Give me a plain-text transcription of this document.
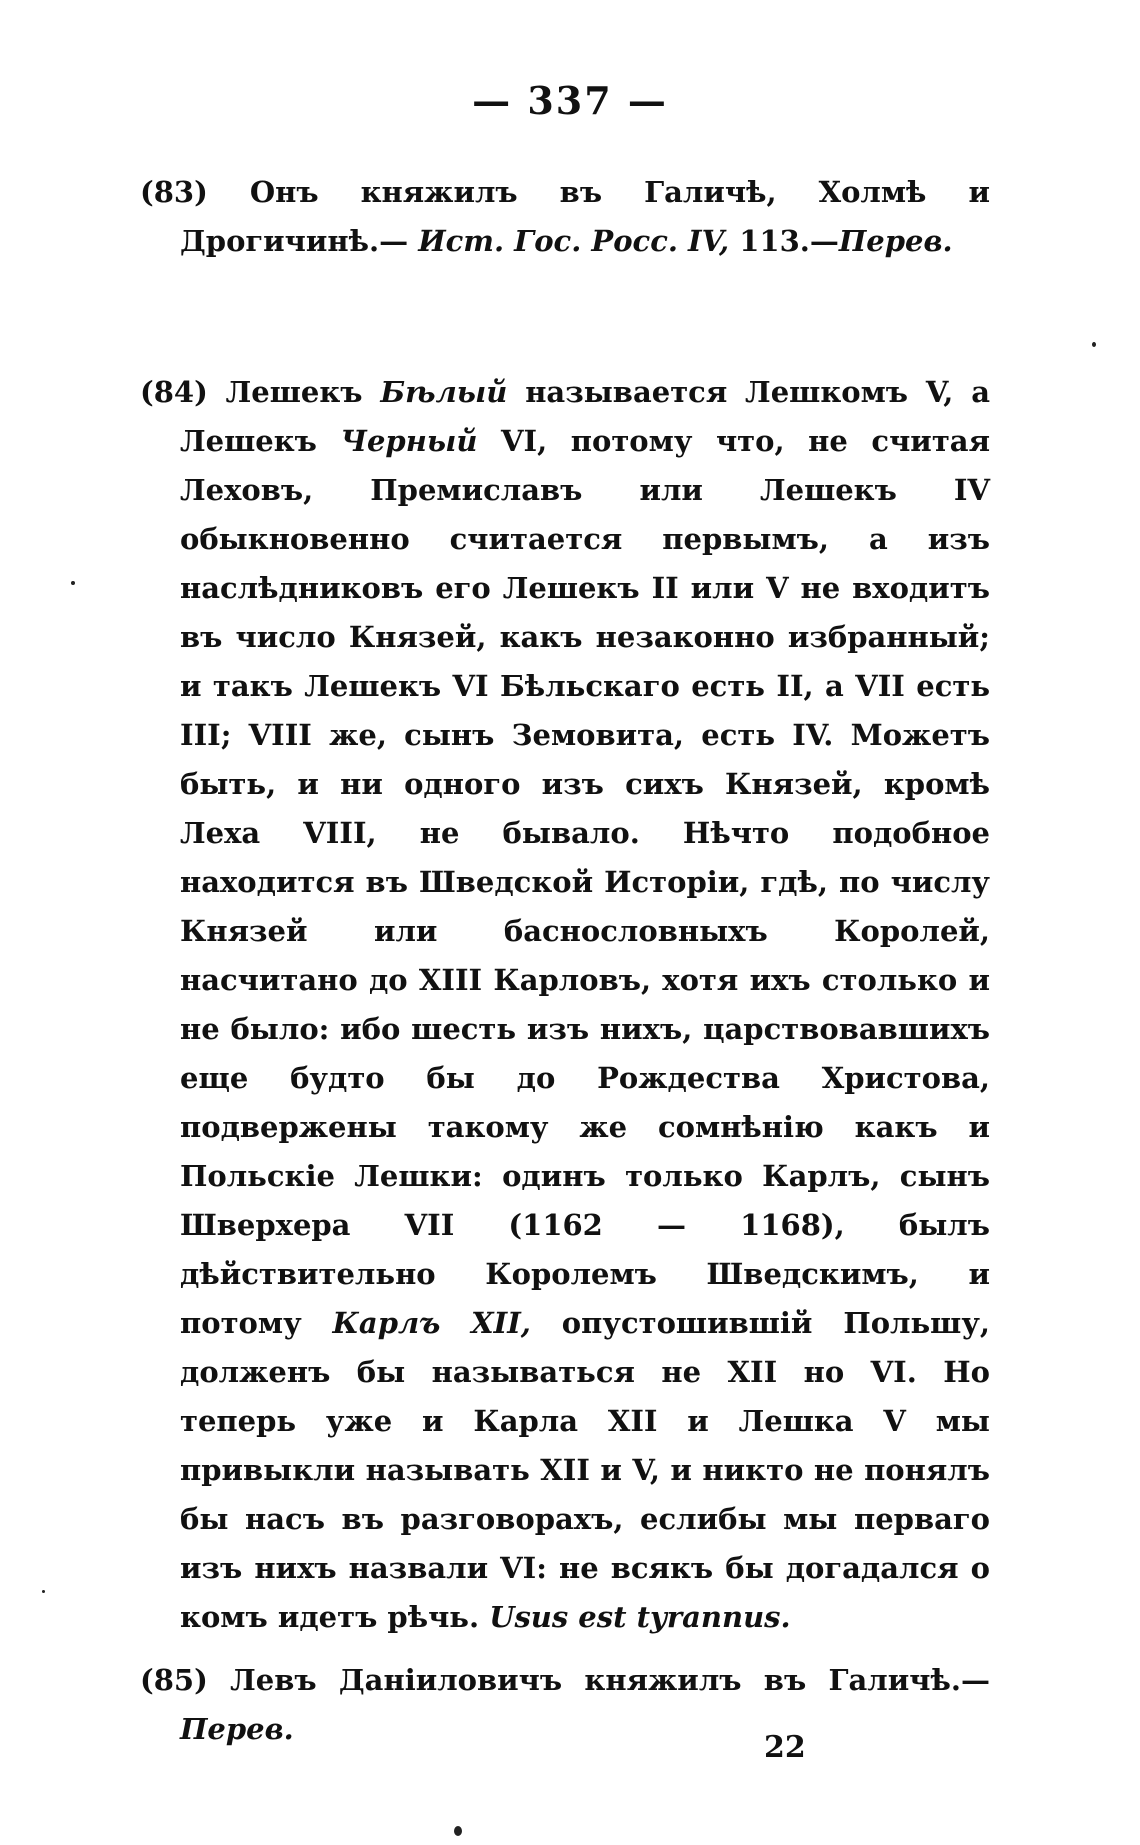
— 337 —

(83) Онъ княжилъ въ Галичѣ, Холмѣ и Дрогичинѣ.— Ист. Гос. Росс. IV, 113.—Перев.

(84) Лешекъ Бѣлый называется Лешкомъ V, а Лешекъ Черный VI, потому что, не считая Леховъ, Премиславъ или Лешекъ IV обыкновенно считается первымъ, а изъ наслѣдниковъ его Лешекъ II или V не входитъ въ число Князей, какъ незаконно избранный; и такъ Лешекъ VI Бѣльскаго есть II, а VII есть III; VIII же, сынъ Земовита, есть IV. Можетъ быть, и ни одного изъ сихъ Князей, кромѣ Леха VIII, не бывало. Нѣчто подобное находится въ Шведской Исторіи, гдѣ, по числу Князей или баснословныхъ Королей, насчитано до XIII Карловъ, хотя ихъ столько и не было: ибо шесть изъ нихъ, царствовавшихъ еще будто бы до Рождества Христова, подвержены такому же сомнѣнію какъ и Польскіе Лешки: одинъ только Карлъ, сынъ Шверхера VII (1162 — 1168), былъ дѣйствительно Королемъ Шведскимъ, и потому Карлъ XII, опустошившій Польшу, долженъ бы называться не XII но VI. Но теперь уже и Карла XII и Лешка V мы привыкли называть XII и V, и никто не понялъ бы насъ въ разговорахъ, еслибы мы перваго изъ нихъ назвали VI: не всякъ бы догадался о комъ идетъ рѣчь. Usus est tyrannus.

(85) Левъ Даніиловичъ княжилъ въ Галичѣ.—Перев.

22
